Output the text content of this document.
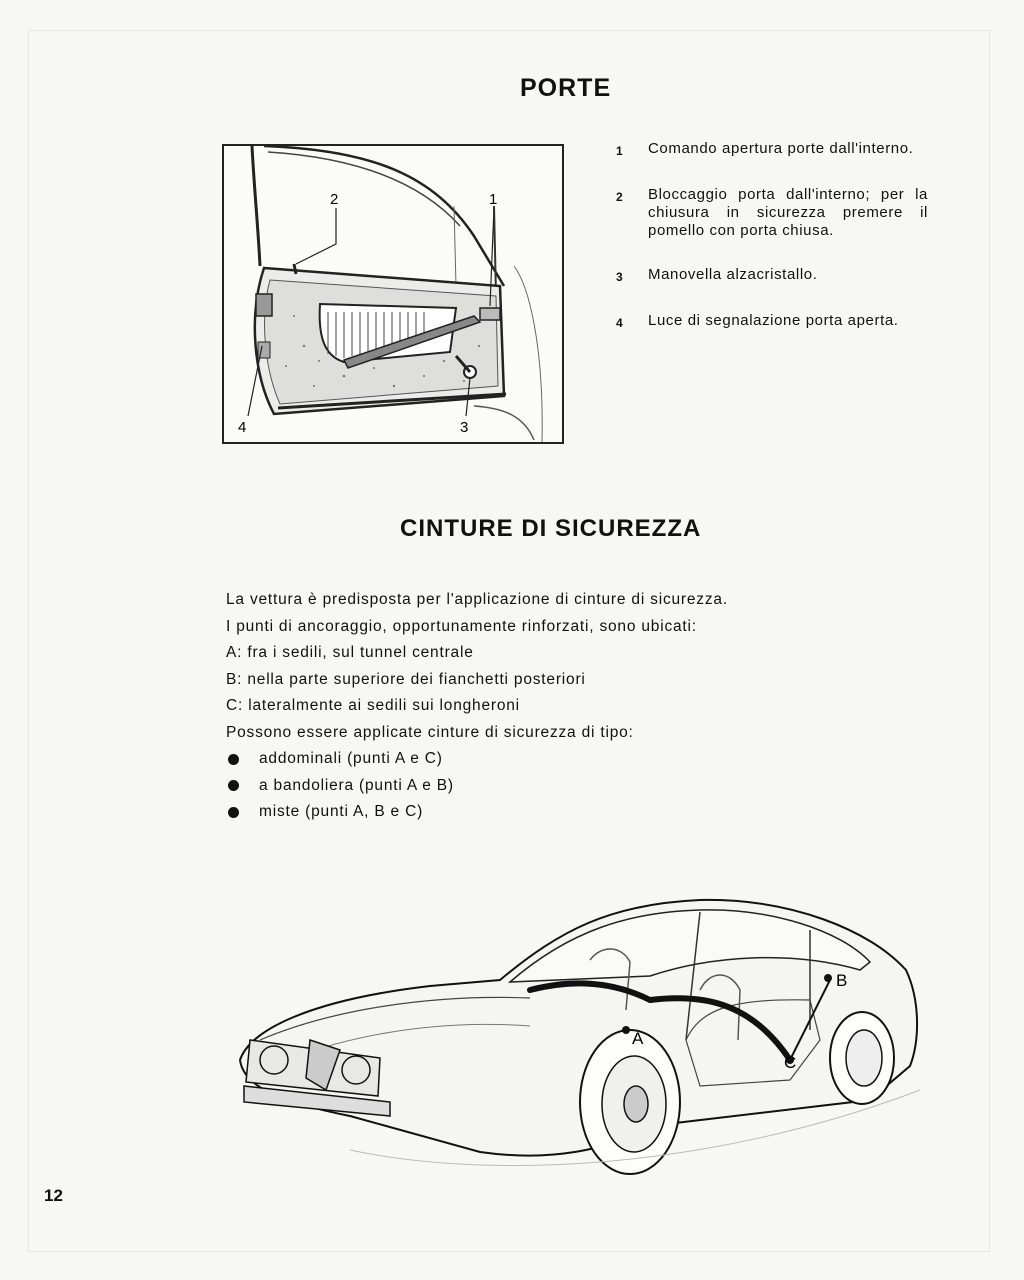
PORTE
2	1
3
4
1	Comando apertura porte dall'interno.
2	Bloccaggio porta dall'interno; per la chiusura in sicurezza premere il pomello con porta chiusa.
3	Manovella alzacristallo.
4	Luce di segnalazione porta aperta.
CINTURE DI SICUREZZA

La vettura è predisposta per l'applicazione di cinture di sicurezza.

I punti di ancoraggio, opportunamente rinforzati, sono ubicati:

A: fra i sedili, sul tunnel centrale

B: nella parte superiore dei fianchetti posteriori

C: lateralmente ai sedili sui longheroni

Possono essere applicate cinture di sicurezza di tipo:

addominali (punti A e C)
a bandoliera (punti A e B)
miste (punti A, B e C)
A
B
C
12
